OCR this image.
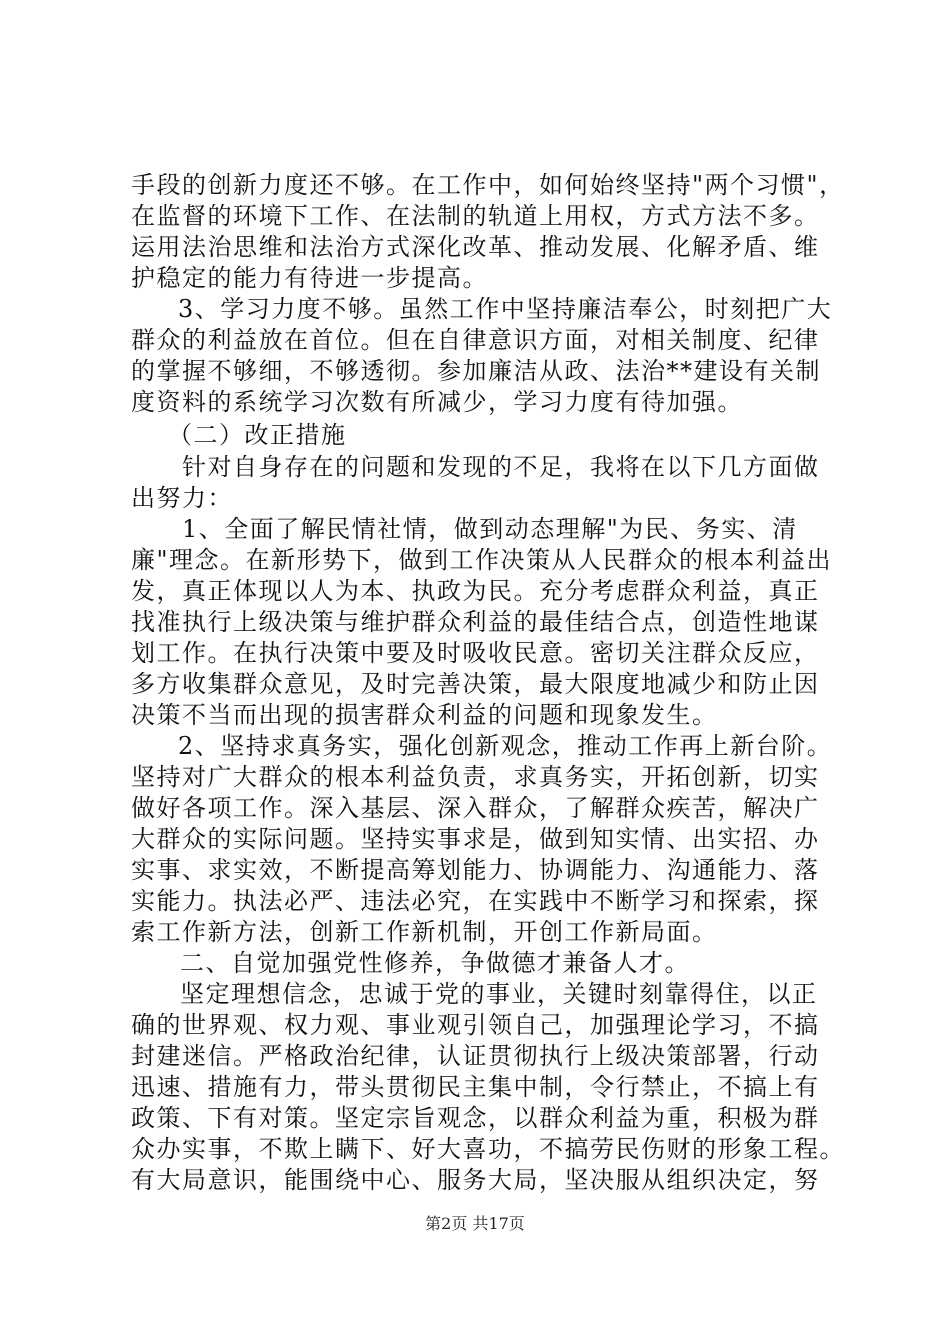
手段的创新力度还不够。在工作中，如何始终坚持"两个习惯"，
在监督的环境下工作、在法制的轨道上用权，方式方法不多。
运用法治思维和法治方式深化改革、推动发展、化解矛盾、维
护稳定的能力有待进一步提高。
3、学习力度不够。虽然工作中坚持廉洁奉公，时刻把广大
群众的利益放在首位。但在自律意识方面，对相关制度、纪律
的掌握不够细，不够透彻。参加廉洁从政、法治**建设有关制
度资料的系统学习次数有所减少，学习力度有待加强。
（二）改正措施
针对自身存在的问题和发现的不足，我将在以下几方面做
出努力：
1、全面了解民情社情，做到动态理解"为民、务实、清
廉"理念。在新形势下，做到工作决策从人民群众的根本利益出
发，真正体现以人为本、执政为民。充分考虑群众利益，真正
找准执行上级决策与维护群众利益的最佳结合点，创造性地谋
划工作。在执行决策中要及时吸收民意。密切关注群众反应，
多方收集群众意见，及时完善决策，最大限度地减少和防止因
决策不当而出现的损害群众利益的问题和现象发生。
2、坚持求真务实，强化创新观念，推动工作再上新台阶。
坚持对广大群众的根本利益负责，求真务实，开拓创新，切实
做好各项工作。深入基层、深入群众，了解群众疾苦，解决广
大群众的实际问题。坚持实事求是，做到知实情、出实招、办
实事、求实效，不断提高筹划能力、协调能力、沟通能力、落
实能力。执法必严、违法必究，在实践中不断学习和探索，探
索工作新方法，创新工作新机制，开创工作新局面。
二、自觉加强党性修养，争做德才兼备人才。
坚定理想信念，忠诚于党的事业，关键时刻靠得住，以正
确的世界观、权力观、事业观引领自己，加强理论学习，不搞
封建迷信。严格政治纪律，认证贯彻执行上级决策部署，行动
迅速、措施有力，带头贯彻民主集中制，令行禁止，不搞上有
政策、下有对策。坚定宗旨观念，以群众利益为重，积极为群
众办实事，不欺上瞒下、好大喜功，不搞劳民伤财的形象工程。
有大局意识，能围绕中心、服务大局，坚决服从组织决定，努
第2页 共17页
